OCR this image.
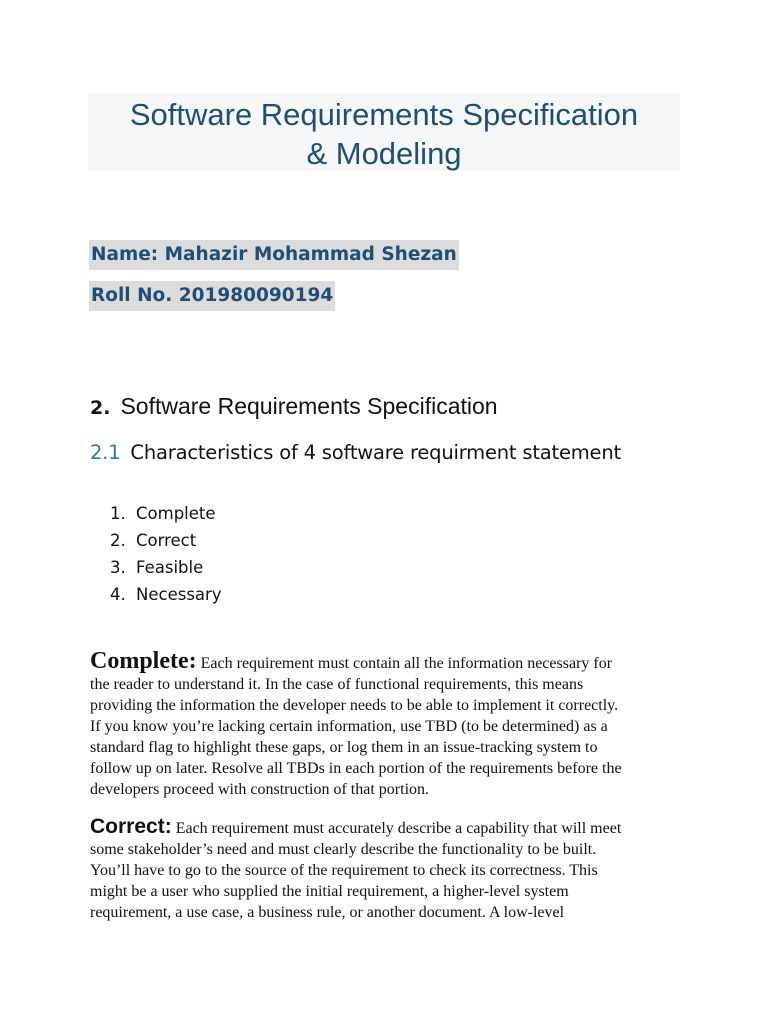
Software Requirements Specification
& Modeling
Name: Mahazir Mohammad Shezan
Roll No. 201980090194
2. Software Requirements Specification
2.1 Characteristics of 4 software requirment statement
1. Complete
2. Correct
3. Feasible
4. Necessary
Complete: Each requirement must contain all the information necessary for
the reader to understand it. In the case of functional requirements, this means
providing the information the developer needs to be able to implement it correctly.
If you know you’re lacking certain information, use TBD (to be determined) as a
standard flag to highlight these gaps, or log them in an issue-tracking system to
follow up on later. Resolve all TBDs in each portion of the requirements before the
developers proceed with construction of that portion.
Correct: Each requirement must accurately describe a capability that will meet
some stakeholder’s need and must clearly describe the functionality to be built.
You’ll have to go to the source of the requirement to check its correctness. This
might be a user who supplied the initial requirement, a higher-level system
requirement, a use case, a business rule, or another document. A low-level
